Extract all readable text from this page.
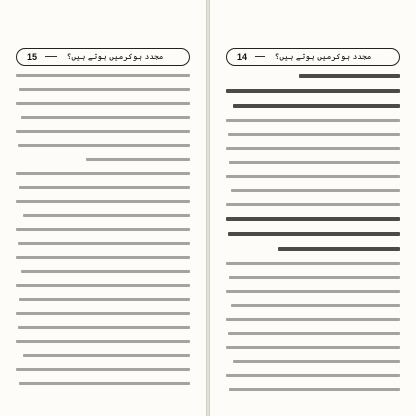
15	مجدد ہوکرمیں ہوتے ہیں؟	14	مجدد ہوکرمیں ہوتے ہیں؟
